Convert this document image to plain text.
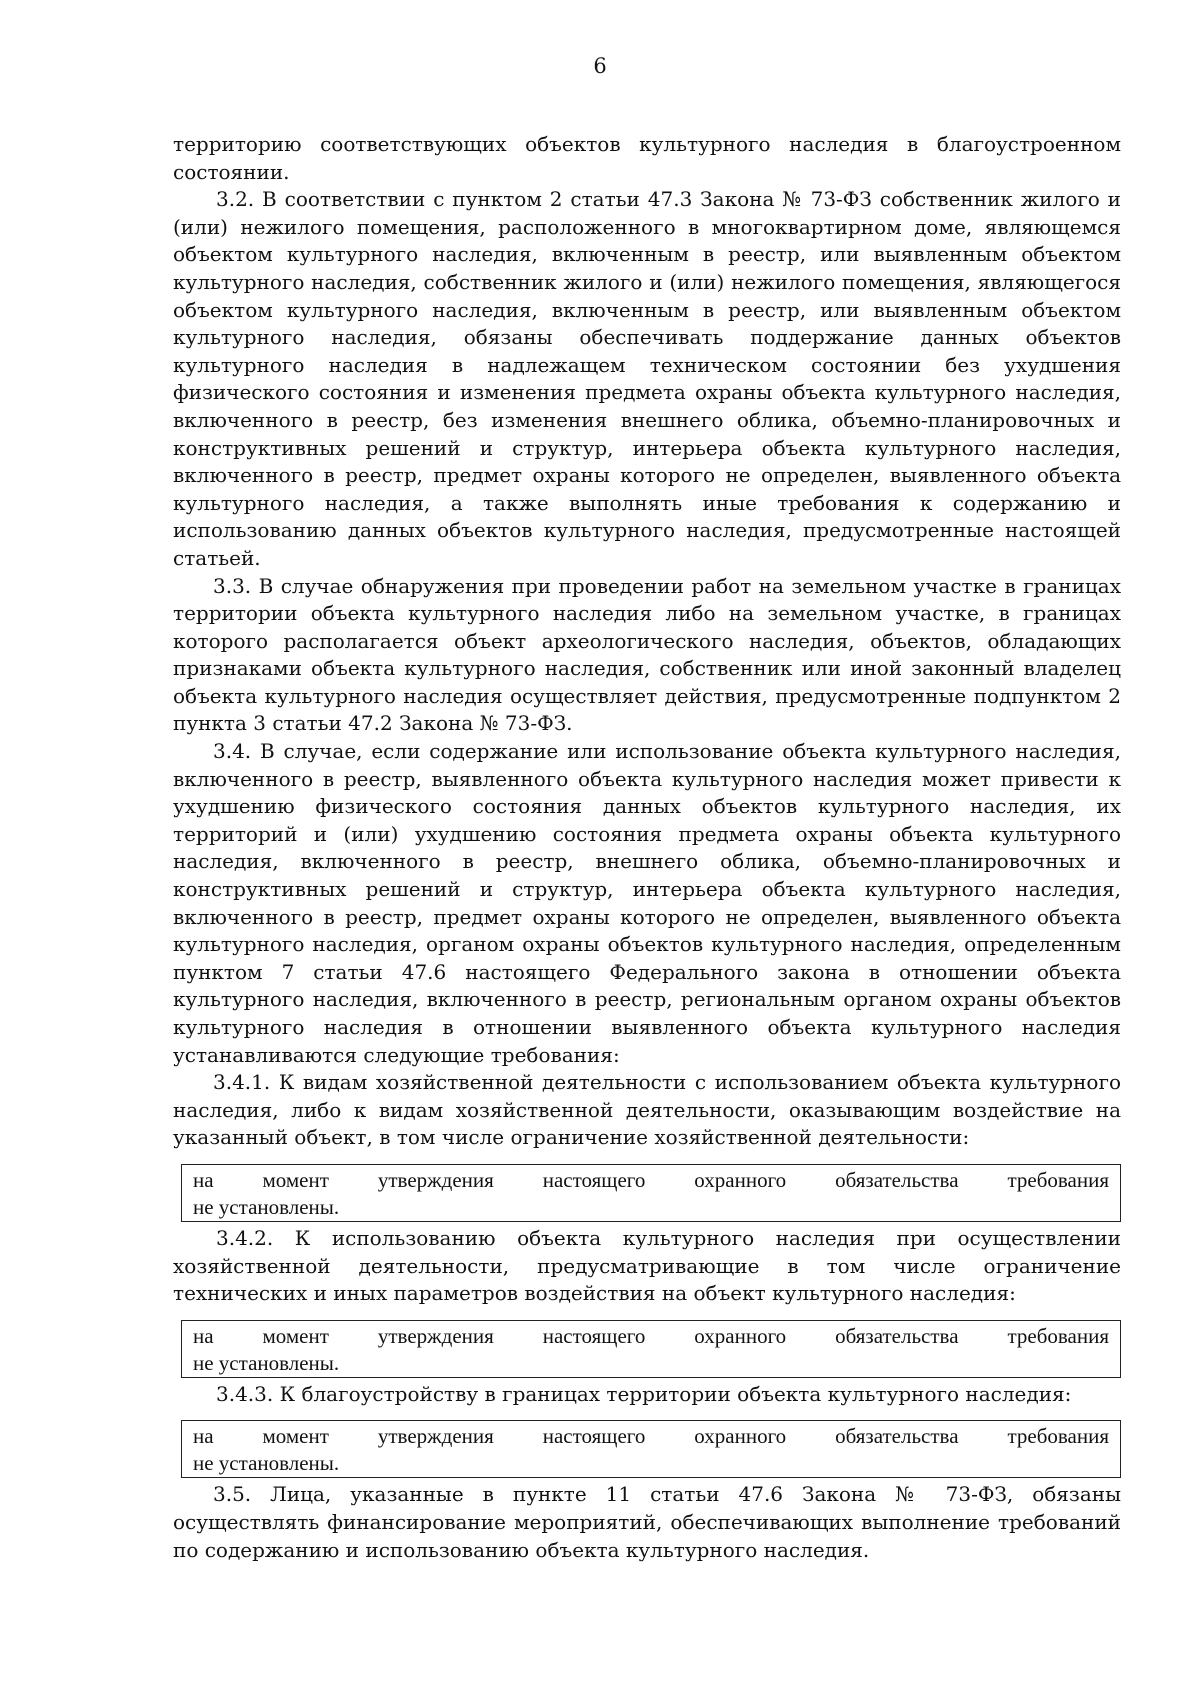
6

территорию соответствующих объектов культурного наследия в благоустроенном состоянии.

3.2. В соответствии с пунктом 2 статьи 47.3 Закона № 73-ФЗ собственник жилого и (или) нежилого помещения, расположенного в многоквартирном доме, являющемся объектом культурного наследия, включенным в реестр, или выявленным объектом культурного наследия, собственник жилого и (или) нежилого помещения, являющегося объектом культурного наследия, включенным в реестр, или выявленным объектом культурного наследия, обязаны обеспечивать поддержание данных объектов культурного наследия в надлежащем техническом состоянии без ухудшения физического состояния и изменения предмета охраны объекта культурного наследия, включенного в реестр, без изменения внешнего облика, объемно-планировочных и конструктивных решений и структур, интерьера объекта культурного наследия, включенного в реестр, предмет охраны которого не определен, выявленного объекта культурного наследия, а также выполнять иные требования к содержанию и использованию данных объектов культурного наследия, предусмотренные настоящей статьей.

3.3. В случае обнаружения при проведении работ на земельном участке в границах территории объекта культурного наследия либо на земельном участке, в границах которого располагается объект археологического наследия, объектов, обладающих признаками объекта культурного наследия, собственник или иной законный владелец объекта культурного наследия осуществляет действия, предусмотренные подпунктом 2 пункта 3 статьи 47.2 Закона № 73-ФЗ.

3.4. В случае, если содержание или использование объекта культурного наследия, включенного в реестр, выявленного объекта культурного наследия может привести к ухудшению физического состояния данных объектов культурного наследия, их территорий и (или) ухудшению состояния предмета охраны объекта культурного наследия, включенного в реестр, внешнего облика, объемно-планировочных и конструктивных решений и структур, интерьера объекта культурного наследия, включенного в реестр, предмет охраны которого не определен, выявленного объекта культурного наследия, органом охраны объектов культурного наследия, определенным пунктом 7 статьи 47.6 настоящего Федерального закона в отношении объекта культурного наследия, включенного в реестр, региональным органом охраны объектов культурного наследия в отношении выявленного объекта культурного наследия устанавливаются следующие требования:

3.4.1. К видам хозяйственной деятельности с использованием объекта культурного наследия, либо к видам хозяйственной деятельности, оказывающим воздействие на указанный объект, в том числе ограничение хозяйственной деятельности:

на момент утверждения настоящего охранного обязательства требования
не установлены.

3.4.2. К использованию объекта культурного наследия при осуществлении хозяйственной деятельности, предусматривающие в том числе ограничение технических и иных параметров воздействия на объект культурного наследия:

на момент утверждения настоящего охранного обязательства требования
не установлены.

3.4.3. К благоустройству в границах территории объекта культурного наследия:

на момент утверждения настоящего охранного обязательства требования
не установлены.

3.5. Лица, указанные в пункте 11 статьи 47.6 Закона № 73-ФЗ, обязаны осуществлять финансирование мероприятий, обеспечивающих выполнение требований по содержанию и использованию объекта культурного наследия.
